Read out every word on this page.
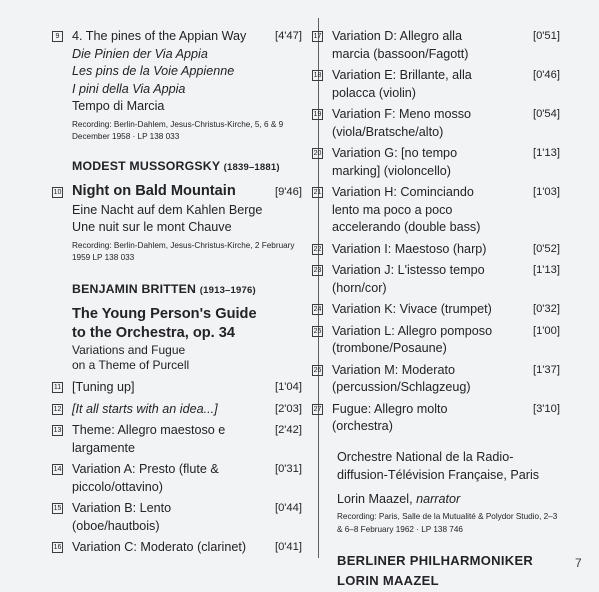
9 4. The pines of the Appian Way	[4'47]
Die Pinien der Via Appia
Les pins de la Voie Appienne
I pini della Via Appia
Tempo di Marcia
Recording: Berlin-Dahlem, Jesus-Christus-Kirche, 5, 6 & 9 December 1958 · LP 138 033
MODEST MUSSORGSKY (1839–1881)
10 Night on Bald Mountain	[9'46]
Eine Nacht auf dem Kahlen Berge
Une nuit sur le mont Chauve
Recording: Berlin-Dahlem, Jesus-Christus-Kirche, 2 February 1959 LP 138 033
BENJAMIN BRITTEN (1913–1976)
The Young Person's Guide
to the Orchestra, op. 34
Variations and Fugue
on a Theme of Purcell
11 [Tuning up]	[1'04]
12 [It all starts with an idea...]	[2'03]
13 Theme: Allegro maestoso e largamente
[2'42]
14 Variation A: Presto (flute & piccolo/ottavino)
[0'31]
15 Variation B: Lento (oboe/hautbois)
[0'44]
16 Variation C: Moderato (clarinet)	[0'41]
17 Variation D: Allegro alla marcia (bassoon/Fagott)
[0'51]
18 Variation E: Brillante, alla polacca (violin)
[0'46]
19 Variation F: Meno mosso (viola/Bratsche/alto)
[0'54]
20 Variation G: [no tempo marking] (violoncello)
[1'13]
21 Variation H: Cominciando lento ma poco a poco accelerando (double bass)
[1'03]
22 Variation I: Maestoso (harp)	[0'52]
23 Variation J: L'istesso tempo (horn/cor)
[1'13]
24 Variation K: Vivace (trumpet)	[0'32]
25 Variation L: Allegro pomposo (trombone/Posaune)
[1'00]
26 Variation M: Moderato (percussion/Schlagzeug)
[1'37]
27 Fugue: Allegro molto (orchestra)
[3'10]
Orchestre National de la Radio-diffusion-Télévision Française, Paris
Lorin Maazel, narrator
Recording: Paris, Salle de la Mutualité & Polydor Studio, 2–3 & 6–8 February 1962 · LP 138 746
BERLINER PHILHARMONIKER
LORIN MAAZEL
7
